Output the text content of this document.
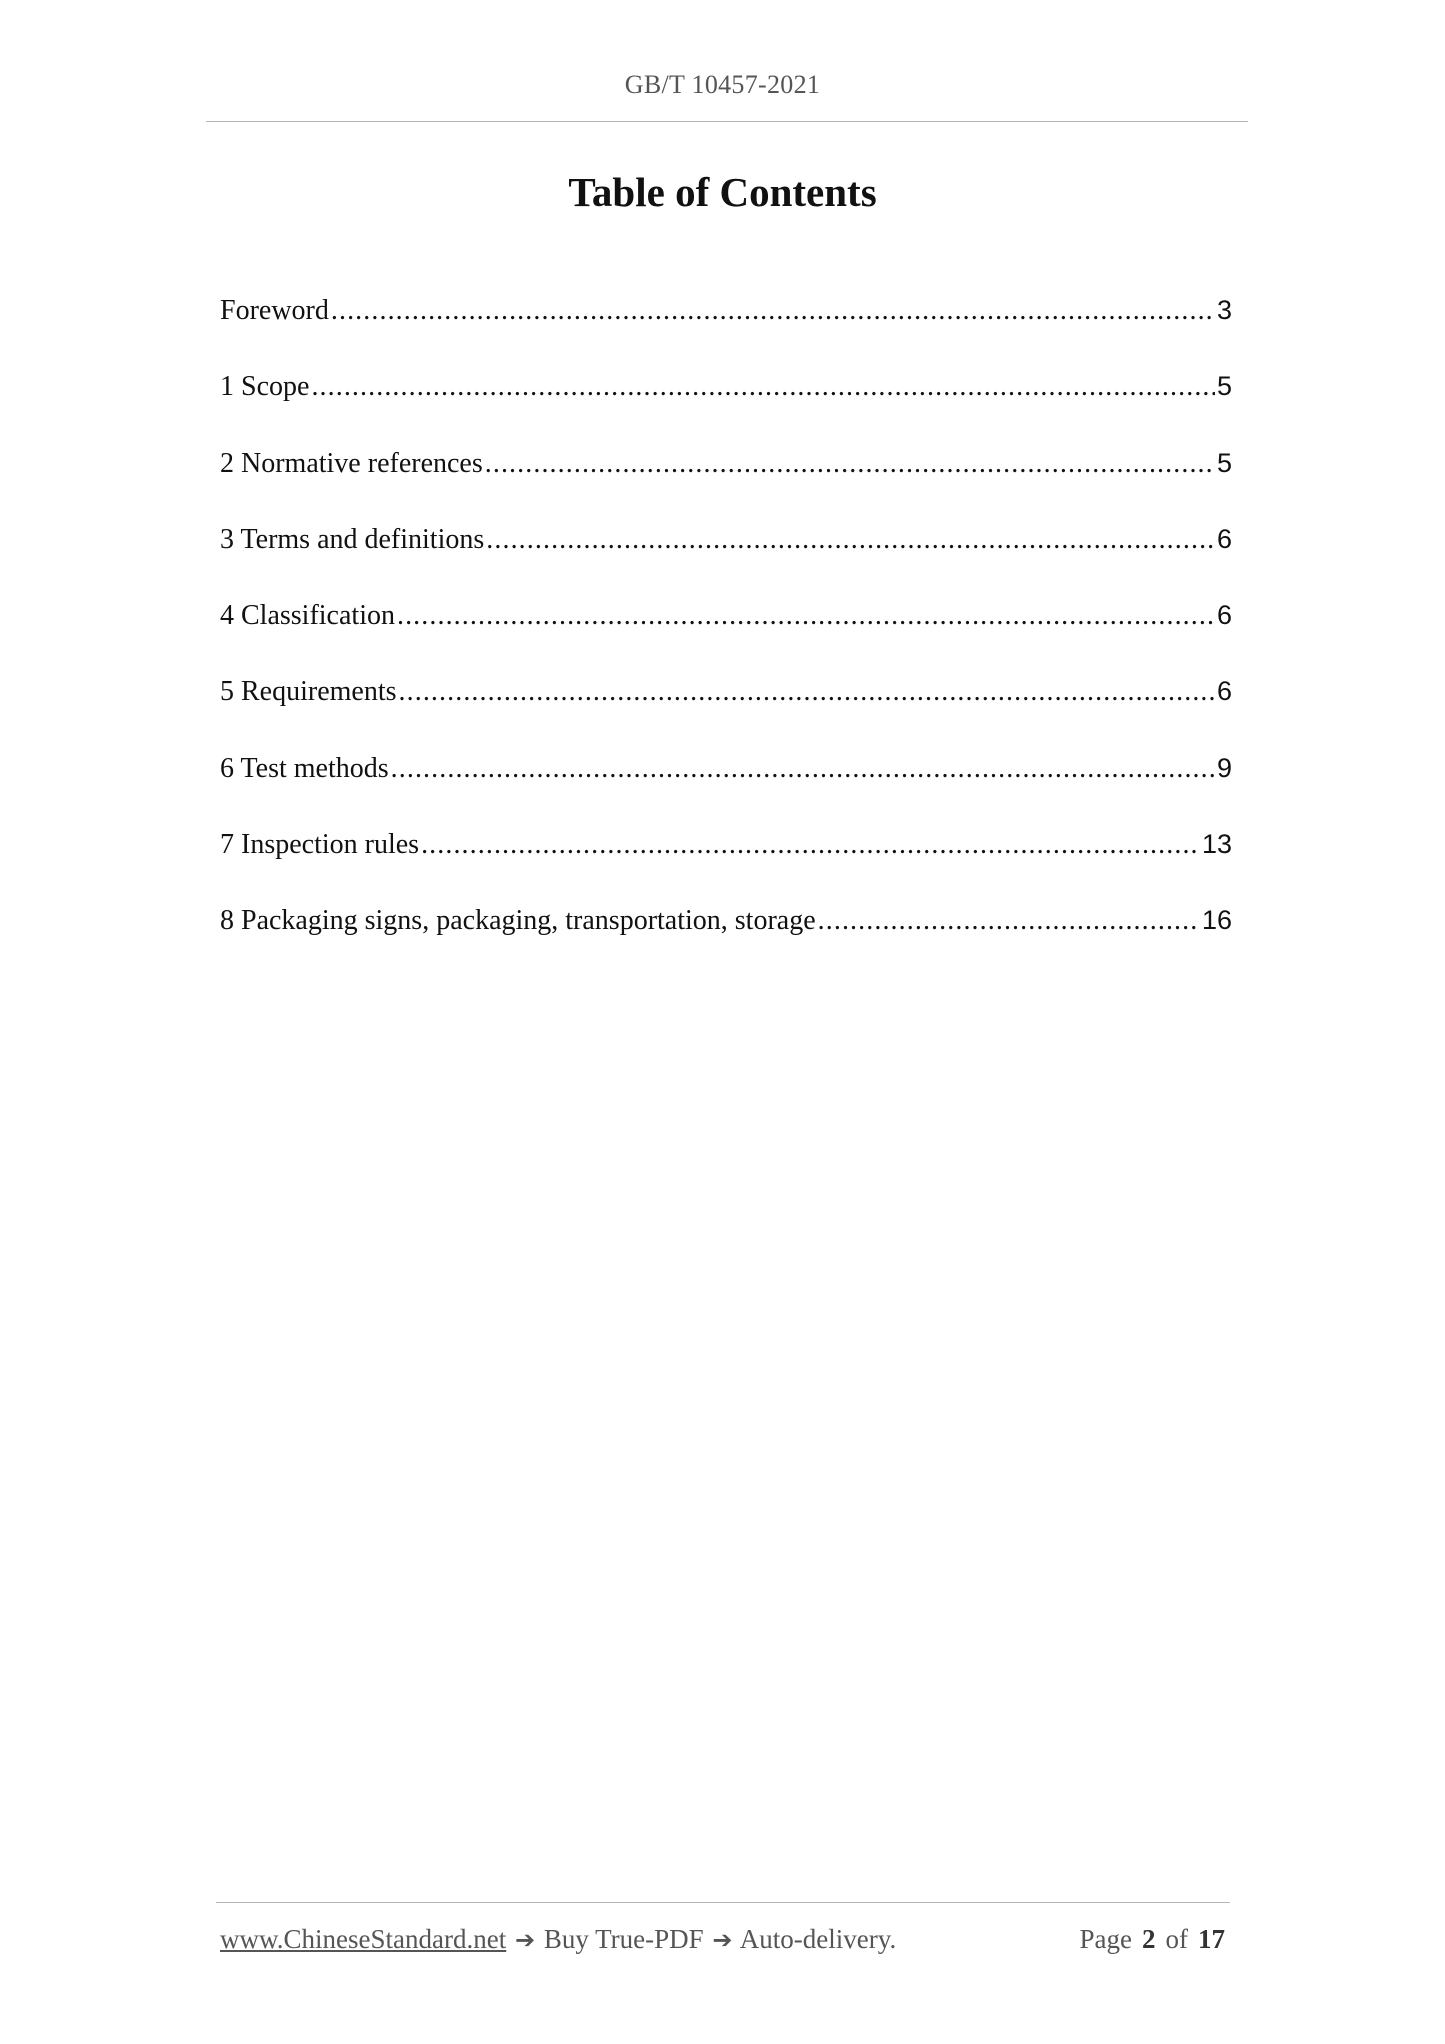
GB/T 10457-2021
Table of Contents
Foreword .....	3
1 Scope .....	5
2 Normative references .....	5
3 Terms and definitions .....	6
4 Classification .....	6
5 Requirements .....	6
6 Test methods .....	9
7 Inspection rules .....	13
8 Packaging signs, packaging, transportation, storage .....	16
www.ChineseStandard.net ➔ Buy True-PDF ➔ Auto-delivery.	Page 2 of 17
